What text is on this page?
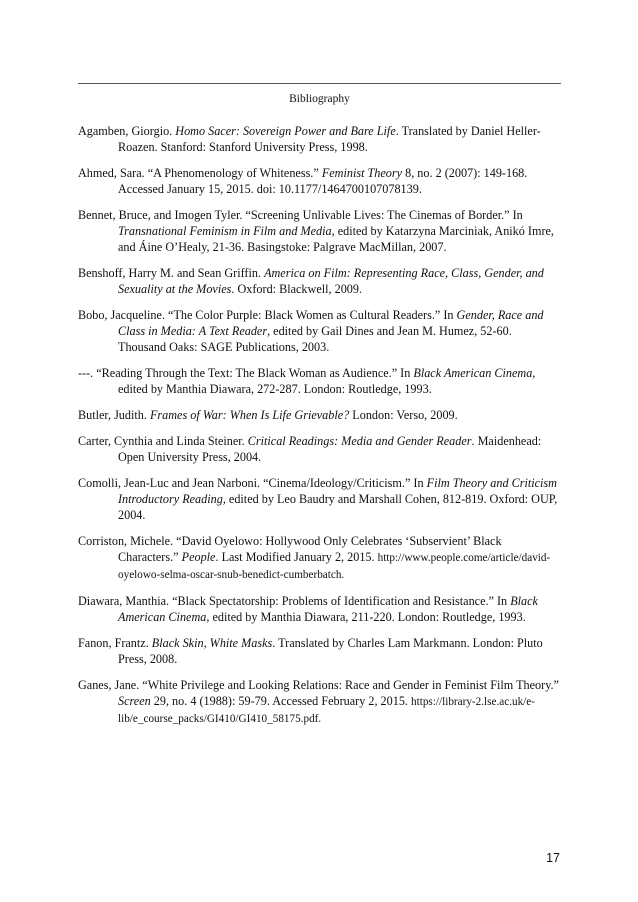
Bibliography

Agamben, Giorgio. Homo Sacer: Sovereign Power and Bare Life. Translated by Daniel Heller-Roazen. Stanford: Stanford University Press, 1998.

Ahmed, Sara. “A Phenomenology of Whiteness.” Feminist Theory 8, no. 2 (2007): 149-168. Accessed January 15, 2015. doi: 10.1177/1464700107078139.

Bennet, Bruce, and Imogen Tyler. “Screening Unlivable Lives: The Cinemas of Border.” In Transnational Feminism in Film and Media, edited by Katarzyna Marciniak, Anikó Imre, and Áine O’Healy, 21-36. Basingstoke: Palgrave MacMillan, 2007.

Benshoff, Harry M. and Sean Griffin. America on Film: Representing Race, Class, Gender, and Sexuality at the Movies. Oxford: Blackwell, 2009.

Bobo, Jacqueline. “The Color Purple: Black Women as Cultural Readers.” In Gender, Race and Class in Media: A Text Reader, edited by Gail Dines and Jean M. Humez, 52-60. Thousand Oaks: SAGE Publications, 2003.

---. “Reading Through the Text: The Black Woman as Audience.” In Black American Cinema, edited by Manthia Diawara, 272-287. London: Routledge, 1993.

Butler, Judith. Frames of War: When Is Life Grievable? London: Verso, 2009.

Carter, Cynthia and Linda Steiner. Critical Readings: Media and Gender Reader. Maidenhead: Open University Press, 2004.

Comolli, Jean-Luc and Jean Narboni. “Cinema/Ideology/Criticism.” In Film Theory and Criticism Introductory Reading, edited by Leo Baudry and Marshall Cohen, 812-819. Oxford: OUP, 2004.

Corriston, Michele. “David Oyelowo: Hollywood Only Celebrates ‘Subservient’ Black Characters.” People. Last Modified January 2, 2015. http://www.people.come/article/david-oyelowo-selma-oscar-snub-benedict-cumberbatch.

Diawara, Manthia. “Black Spectatorship: Problems of Identification and Resistance.” In Black American Cinema, edited by Manthia Diawara, 211-220. London: Routledge, 1993.

Fanon, Frantz. Black Skin, White Masks. Translated by Charles Lam Markmann. London: Pluto Press, 2008.

Ganes, Jane. “White Privilege and Looking Relations: Race and Gender in Feminist Film Theory.” Screen 29, no. 4 (1988): 59-79. Accessed February 2, 2015. https://library-2.lse.ac.uk/e-lib/e_course_packs/GI410/GI410_58175.pdf.

17
